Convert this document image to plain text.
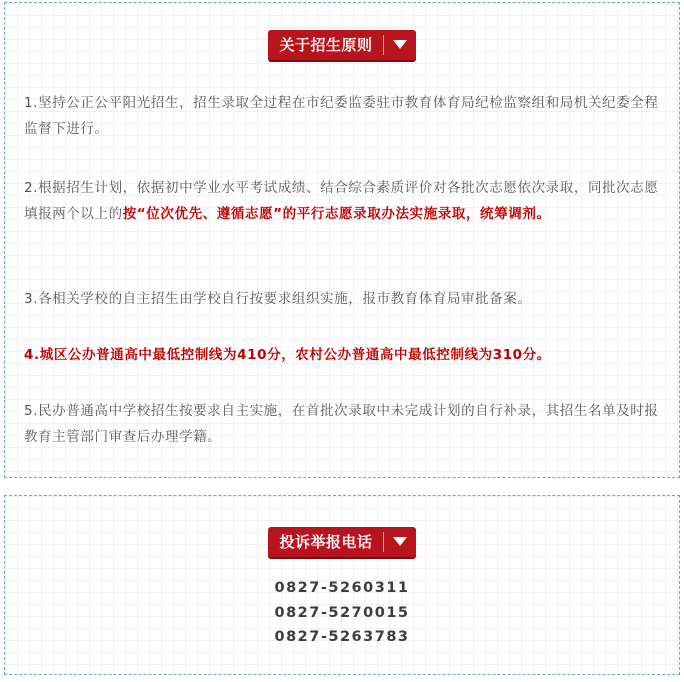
关于招生原则

1.坚持公正公平阳光招生，招生录取全过程在市纪委监委驻市教育体育局纪检监察组和局机关纪委全程监督下进行。

2.根据招生计划，依据初中学业水平考试成绩、结合综合素质评价对各批次志愿依次录取，同批次志愿填报两个以上的按“位次优先、遵循志愿”的平行志愿录取办法实施录取，统筹调剂。

3.各相关学校的自主招生由学校自行按要求组织实施，报市教育体育局审批备案。

4.城区公办普通高中最低控制线为410分，农村公办普通高中最低控制线为310分。

5.民办普通高中学校招生按要求自主实施，在首批次录取中未完成计划的自行补录，其招生名单及时报教育主管部门审查后办理学籍。

投诉举报电话
0827-5260311
0827-5270015
0827-5263783
